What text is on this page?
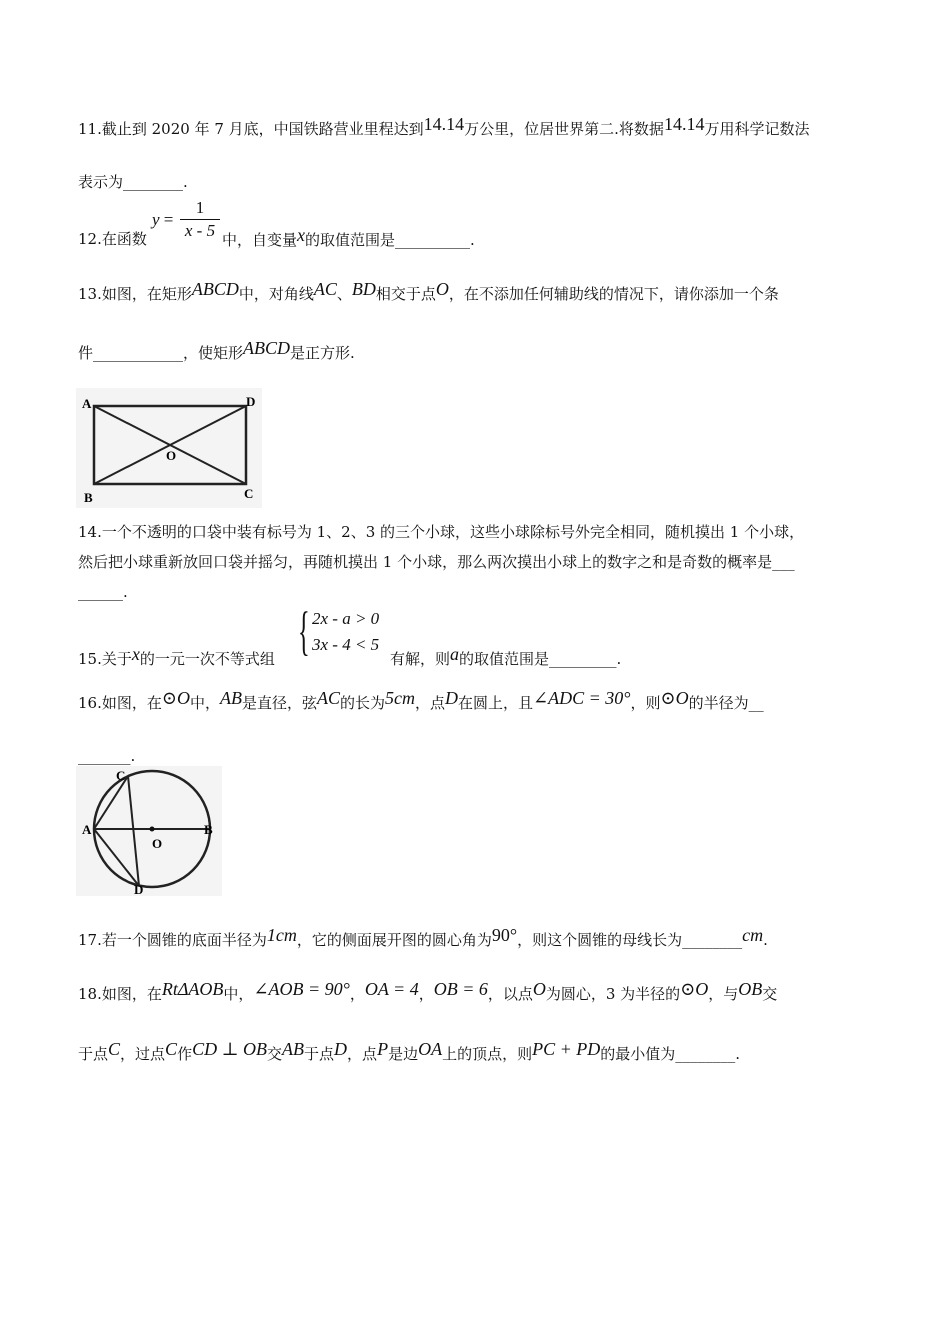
11.截止到 2020 年 7 月底，中国铁路营业里程达到14.14万公里，位居世界第二.将数据14.14万用科学记数法
表示为________.
12.在函数
y =
1
x - 5 中，自变量x的取值范围是__________.
13.如图，在矩形ABCD中，对角线AC、BD相交于点O，在不添加任何辅助线的情况下，请你添加一个条
件____________，使矩形ABCD是正方形.
A
B	C
D
O
14.一个不透明的口袋中装有标号为 1、2、3 的三个小球，这些小球除标号外完全相同，随机摸出 1 个小球，
然后把小球重新放回口袋并摇匀，再随机摸出 1 个小球，那么两次摸出小球上的数字之和是奇数的概率是___
______.
{ 2x - a > 0
3x - 4 < 5
15.关于x的一元一次不等式组	有解，则a的取值范围是_________.
16.如图，在⊙O中，AB是直径，弦AC的长为5cm，点D在圆上，且∠ADC = 30°，则⊙O的半径为__
_______.
A	B
C
D
O
17.若一个圆锥的底面半径为1cm，它的侧面展开图的圆心角为90°，则这个圆锥的母线长为________cm.
18.如图，在RtΔAOB中，∠AOB = 90°，OA = 4，OB = 6，以点O为圆心，3 为半径的⊙O，与OB交
于点C，过点C作CD ⊥ OB交AB于点D，点P是边OA上的顶点，则PC + PD的最小值为________.
